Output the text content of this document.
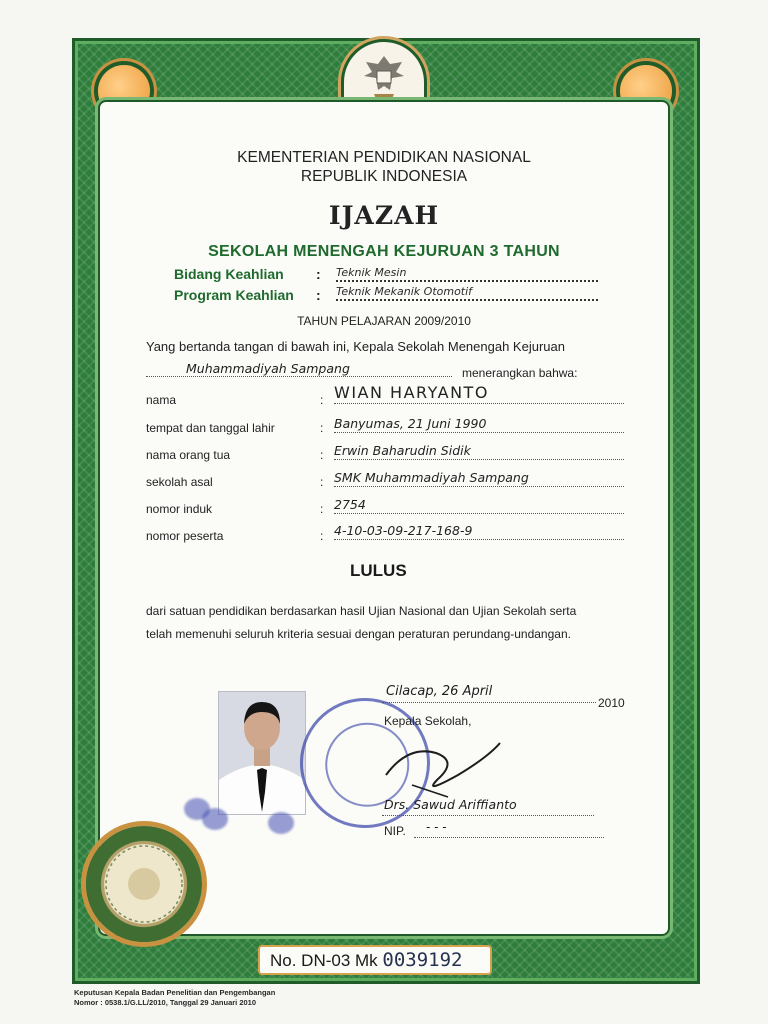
KEMENTERIAN PENDIDIKAN NASIONAL
REPUBLIK INDONESIA
IJAZAH
SEKOLAH MENENGAH KEJURUAN 3 TAHUN
Bidang Keahlian : Teknik Mesin
Program Keahlian : Teknik Mekanik Otomotif
TAHUN PELAJARAN 2009/2010
Yang bertanda tangan di bawah ini, Kepala Sekolah Menengah Kejuruan
Muhammadiyah Sampang	menerangkan bahwa:
nama	: WIAN HARYANTO
tempat dan tanggal lahir	: Banyumas, 21 Juni 1990
nama orang tua	: Erwin Baharudin Sidik
sekolah asal	: SMK Muhammadiyah Sampang
nomor induk	: 2754
nomor peserta	: 4-10-03-09-217-168-9
LULUS
dari satuan pendidikan berdasarkan hasil Ujian Nasional dan Ujian Sekolah serta
telah memenuhi seluruh kriteria sesuai dengan peraturan perundang-undangan.
Cilacap, 26 April
2010
Kepala Sekolah,
Drs. Sawud Ariffianto
NIP.	- - -
No. DN-03 Mk 0039192
Keputusan Kepala Badan Penelitian dan Pengembangan
Nomor : 0538.1/G.LL/2010, Tanggal 29 Januari 2010
